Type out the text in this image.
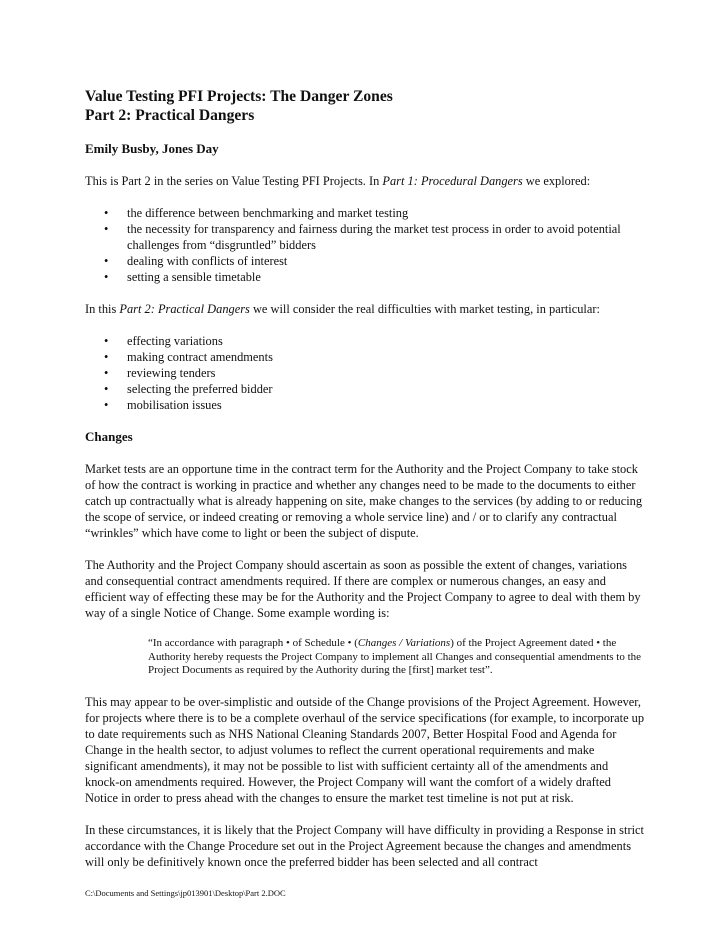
Value Testing PFI Projects: The Danger Zones
Part 2: Practical Dangers

Emily Busby, Jones Day

This is Part 2 in the series on Value Testing PFI Projects. In Part 1: Procedural Dangers we explored:

• the difference between benchmarking and market testing
• the necessity for transparency and fairness during the market test process in order to avoid potential challenges from “disgruntled” bidders
• dealing with conflicts of interest
• setting a sensible timetable

In this Part 2: Practical Dangers we will consider the real difficulties with market testing, in particular:

• effecting variations
• making contract amendments
• reviewing tenders
• selecting the preferred bidder
• mobilisation issues

Changes

Market tests are an opportune time in the contract term for the Authority and the Project Company to take stock of how the contract is working in practice and whether any changes need to be made to the documents to either catch up contractually what is already happening on site, make changes to the services (by adding to or reducing the scope of service, or indeed creating or removing a whole service line) and / or to clarify any contractual “wrinkles” which have come to light or been the subject of dispute.

The Authority and the Project Company should ascertain as soon as possible the extent of changes, variations and consequential contract amendments required. If there are complex or numerous changes, an easy and efficient way of effecting these may be for the Authority and the Project Company to agree to deal with them by way of a single Notice of Change. Some example wording is:

“In accordance with paragraph • of Schedule • (Changes / Variations) of the Project Agreement dated • the Authority hereby requests the Project Company to implement all Changes and consequential amendments to the Project Documents as required by the Authority during the [first] market test”.

This may appear to be over-simplistic and outside of the Change provisions of the Project Agreement. However, for projects where there is to be a complete overhaul of the service specifications (for example, to incorporate up to date requirements such as NHS National Cleaning Standards 2007, Better Hospital Food and Agenda for Change in the health sector, to adjust volumes to reflect the current operational requirements and make significant amendments), it may not be possible to list with sufficient certainty all of the amendments and knock-on amendments required. However, the Project Company will want the comfort of a widely drafted Notice in order to press ahead with the changes to ensure the market test timeline is not put at risk.

In these circumstances, it is likely that the Project Company will have difficulty in providing a Response in strict accordance with the Change Procedure set out in the Project Agreement because the changes and amendments will only be definitively known once the preferred bidder has been selected and all contract

C:\Documents and Settings\jp013901\Desktop\Part 2.DOC
